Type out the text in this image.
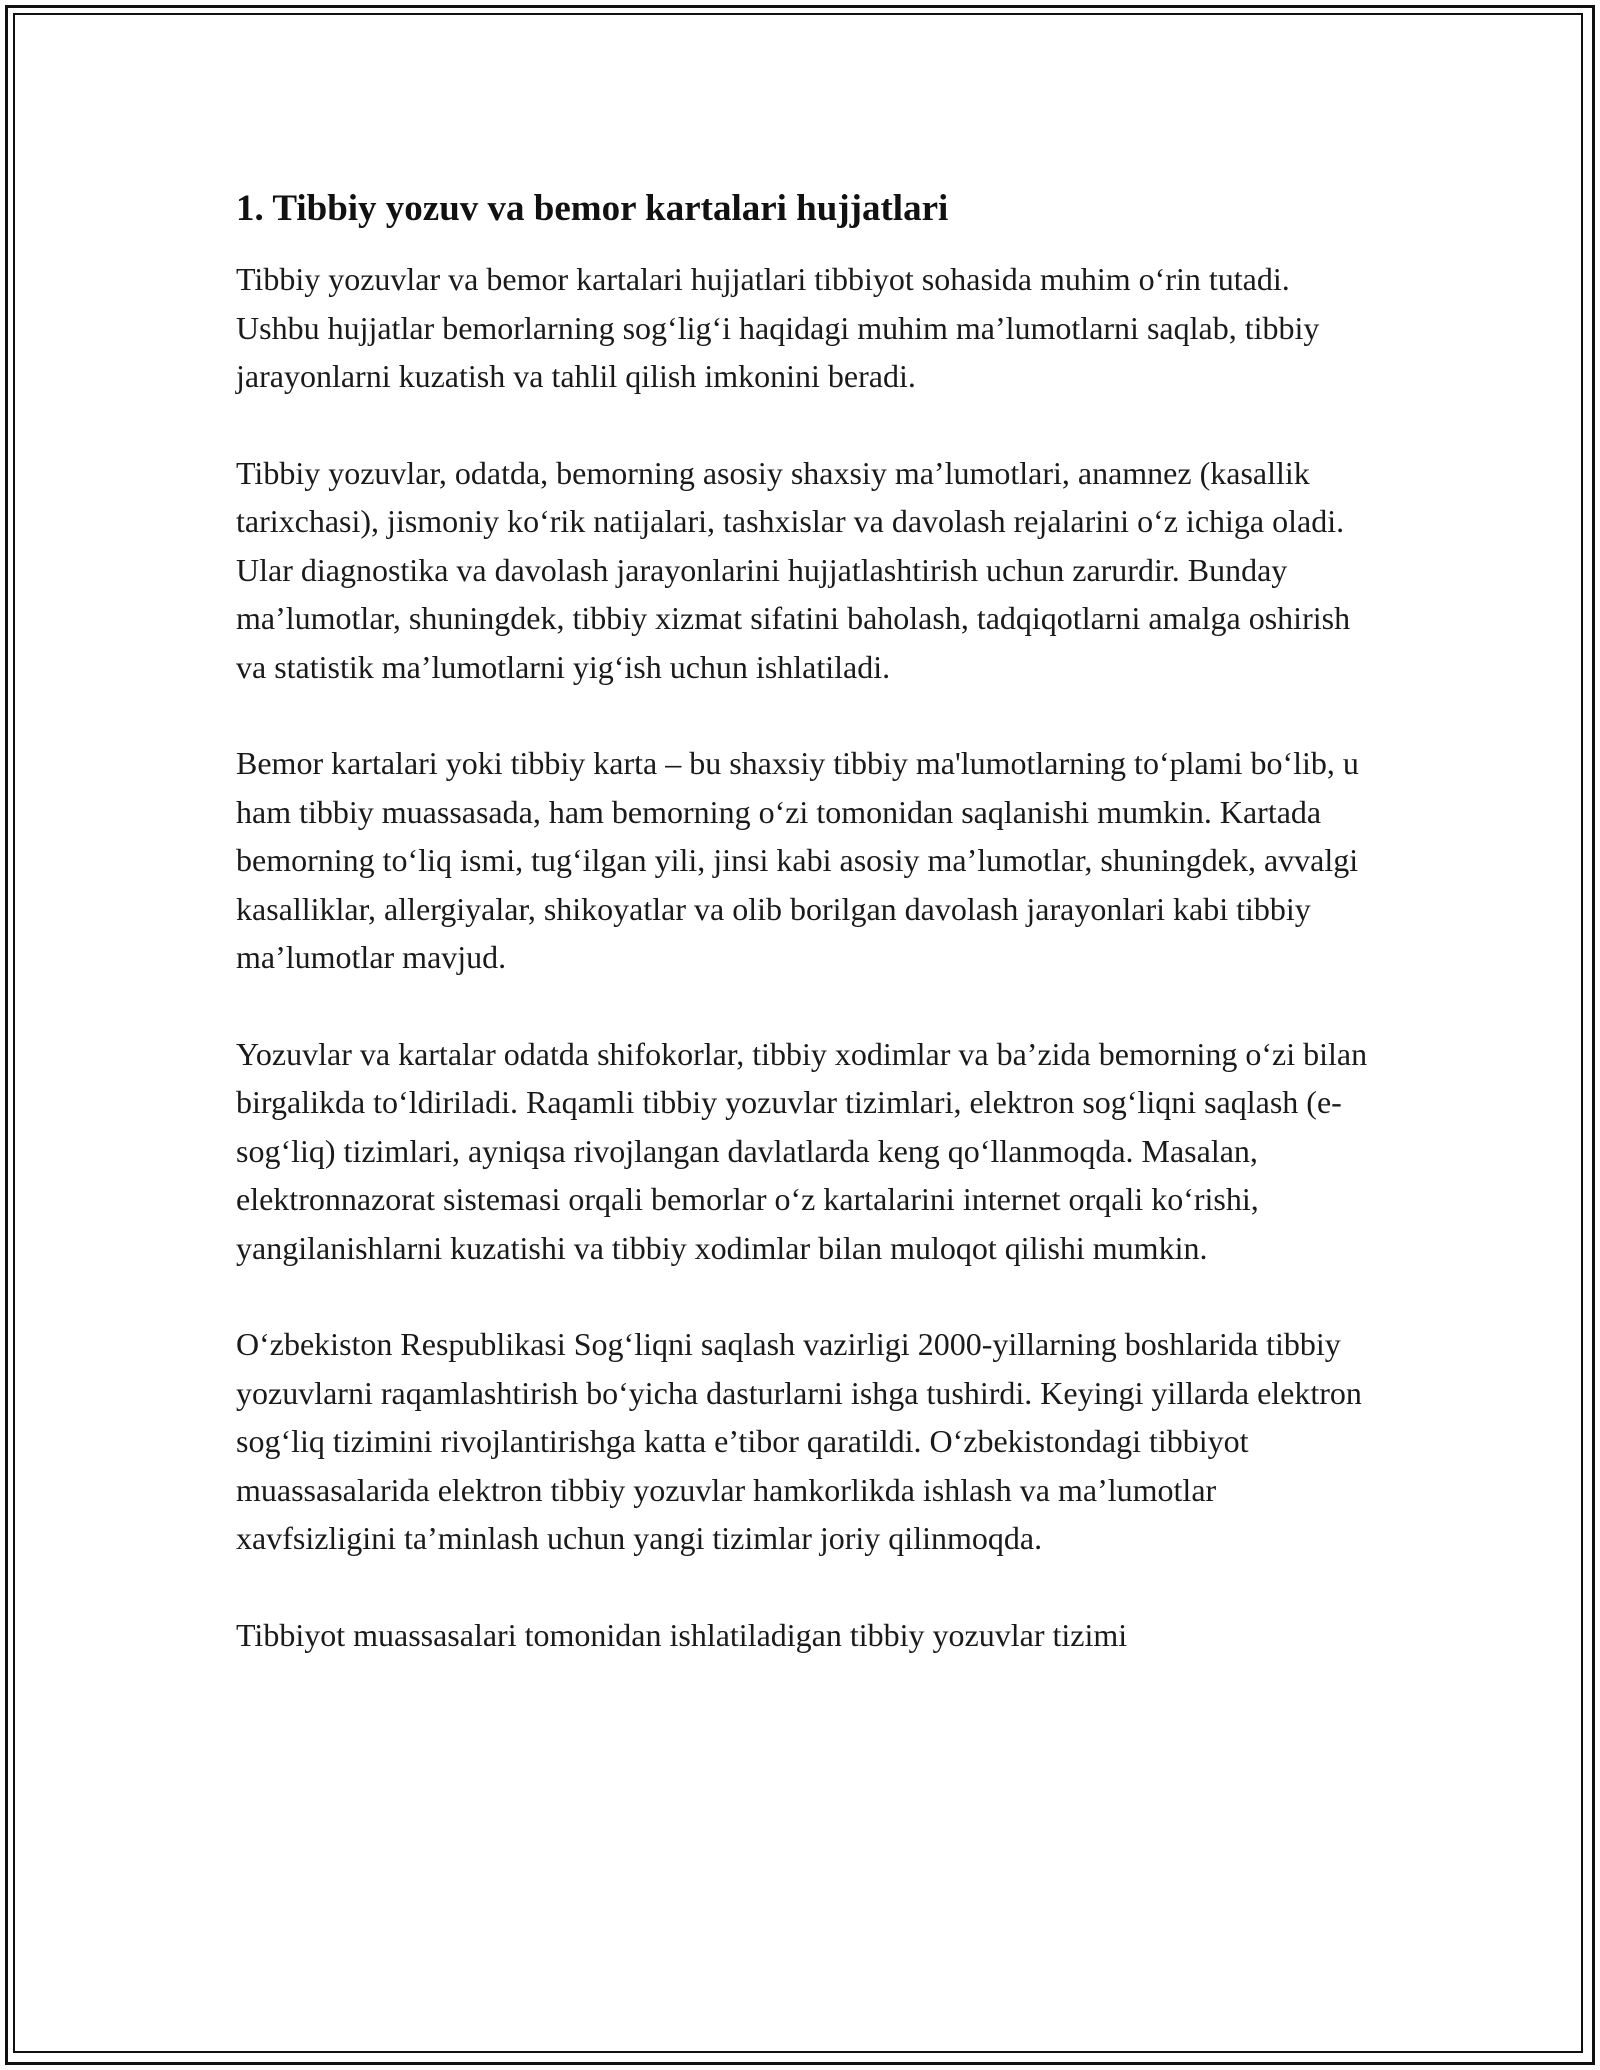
1. Tibbiy yozuv va bemor kartalari hujjatlari

Tibbiy yozuvlar va bemor kartalari hujjatlari tibbiyot sohasida muhim o‘rin tutadi. Ushbu hujjatlar bemorlarning sog‘lig‘i haqidagi muhim ma’lumotlarni saqlab, tibbiy jarayonlarni kuzatish va tahlil qilish imkonini beradi.

Tibbiy yozuvlar, odatda, bemorning asosiy shaxsiy ma’lumotlari, anamnez (kasallik tarixchasi), jismoniy ko‘rik natijalari, tashxislar va davolash rejalarini o‘z ichiga oladi. Ular diagnostika va davolash jarayonlarini hujjatlashtirish uchun zarurdir. Bunday ma’lumotlar, shuningdek, tibbiy xizmat sifatini baholash, tadqiqotlarni amalga oshirish va statistik ma’lumotlarni yig‘ish uchun ishlatiladi.

Bemor kartalari yoki tibbiy karta – bu shaxsiy tibbiy ma'lumotlarning to‘plami bo‘lib, u ham tibbiy muassasada, ham bemorning o‘zi tomonidan saqlanishi mumkin. Kartada bemorning to‘liq ismi, tug‘ilgan yili, jinsi kabi asosiy ma’lumotlar, shuningdek, avvalgi kasalliklar, allergiyalar, shikoyatlar va olib borilgan davolash jarayonlari kabi tibbiy ma’lumotlar mavjud.

Yozuvlar va kartalar odatda shifokorlar, tibbiy xodimlar va ba’zida bemorning o‘zi bilan birgalikda to‘ldiriladi. Raqamli tibbiy yozuvlar tizimlari, elektron sog‘liqni saqlash (e-sog‘liq) tizimlari, ayniqsa rivojlangan davlatlarda keng qo‘llanmoqda. Masalan, elektronnazorat sistemasi orqali bemorlar o‘z kartalarini internet orqali ko‘rishi, yangilanishlarni kuzatishi va tibbiy xodimlar bilan muloqot qilishi mumkin.

O‘zbekiston Respublikasi Sog‘liqni saqlash vazirligi 2000-yillarning boshlarida tibbiy yozuvlarni raqamlashtirish bo‘yicha dasturlarni ishga tushirdi. Keyingi yillarda elektron sog‘liq tizimini rivojlantirishga katta e’tibor qaratildi. O‘zbekistondagi tibbiyot muassasalarida elektron tibbiy yozuvlar hamkorlikda ishlash va ma’lumotlar xavfsizligini ta’minlash uchun yangi tizimlar joriy qilinmoqda.

Tibbiyot muassasalari tomonidan ishlatiladigan tibbiy yozuvlar tizimi
